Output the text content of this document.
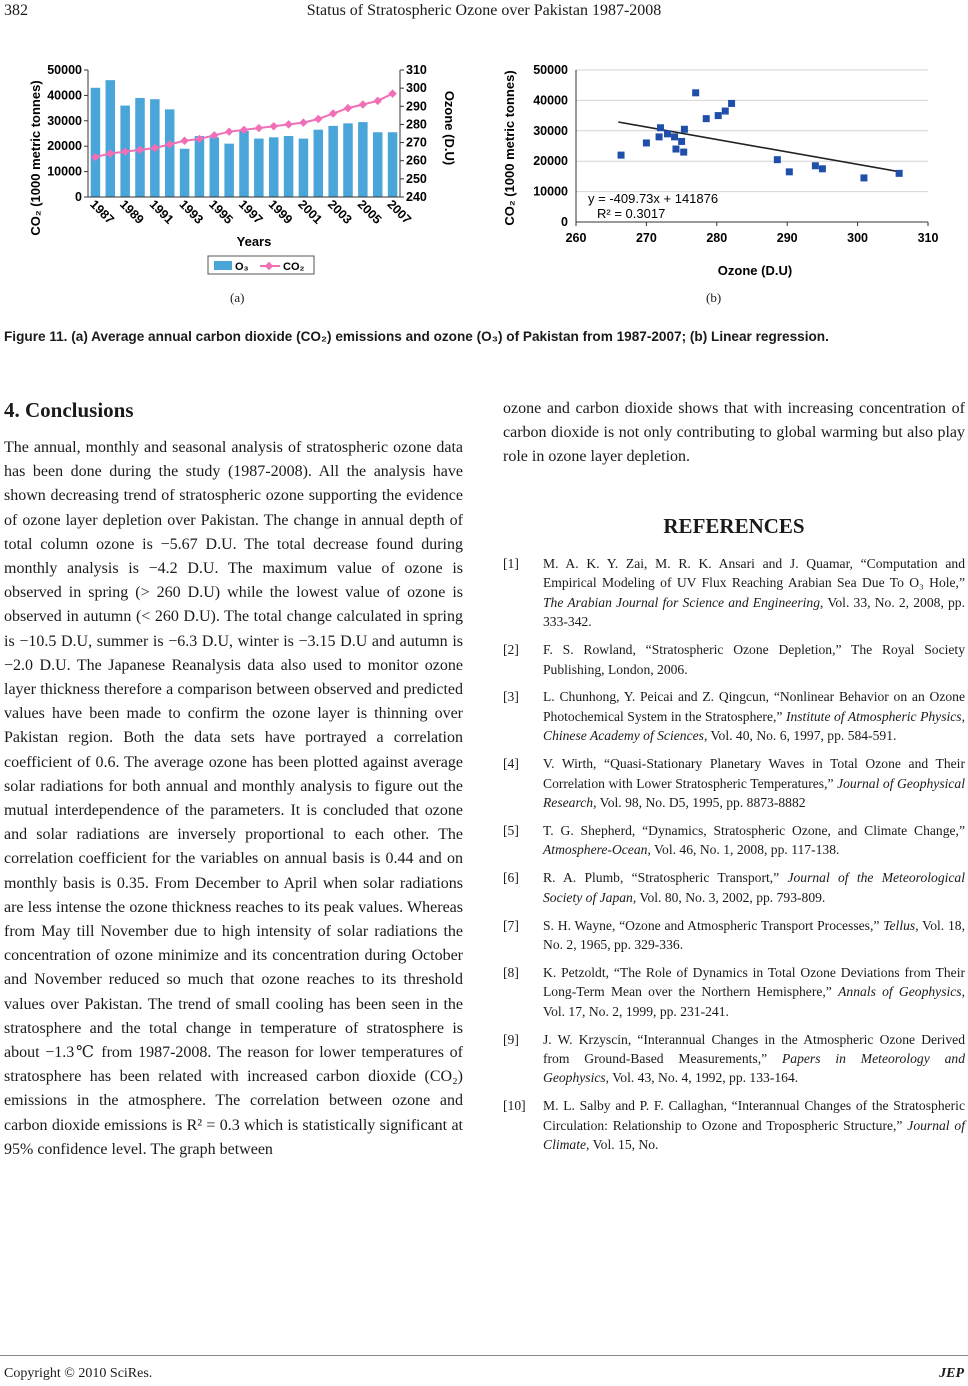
382	Status of Stratospheric Ozone over Pakistan 1987-2008
0
10000
20000
30000
40000
50000
240
250
260
270
280
290
300
310
1987 1989 1991 1993 1995 1997 1999 2001 2003 2005 2007
CO₂ (1000 metric tonnes)	Ozone (D.U)
Years
O₃	CO₂
0
10000
20000
30000
40000
50000
260	270	280	290	300	310
CO₂ (1000 metric tonnes)
Ozone (D.U)
y = -409.73x + 141876
R² = 0.3017
(a)	(b)
Figure 11. (a) Average annual carbon dioxide (CO₂) emissions and ozone (O₃) of Pakistan from 1987-2007; (b) Linear regression.
4. Conclusions
The annual, monthly and seasonal analysis of stratospheric ozone data has been done during the study (1987-2008). All the analysis have shown decreasing trend of stratospheric ozone supporting the evidence of ozone layer depletion over Pakistan. The change in annual depth of total column ozone is −5.67 D.U. The total decrease found during monthly analysis is −4.2 D.U. The maximum value of ozone is observed in spring (> 260 D.U) while the lowest value of ozone is observed in autumn (< 260 D.U). The total change calculated in spring is −10.5 D.U, summer is −6.3 D.U, winter is −3.15 D.U and autumn is −2.0 D.U. The Japanese Reanalysis data also used to monitor ozone layer thickness therefore a comparison between observed and predicted values have been made to confirm the ozone layer is thinning over Pakistan region. Both the data sets have portrayed a correlation coefficient of 0.6. The average ozone has been plotted against average solar radiations for both annual and monthly analysis to figure out the mutual interdependence of the parameters. It is concluded that ozone and solar radiations are inversely proportional to each other. The correlation coefficient for the variables on annual basis is 0.44 and on monthly basis is 0.35. From December to April when solar radiations are less intense the ozone thickness reaches to its peak values. Whereas from May till November due to high intensity of solar radiations the concentration of ozone minimize and its concentration during October and November reduced so much that ozone reaches to its threshold values over Pakistan. The trend of small cooling has been seen in the stratosphere and the total change in temperature of stratosphere is about −1.3℃ from 1987-2008. The reason for lower temperatures of stratosphere has been related with increased carbon dioxide (CO₂) emissions in the atmosphere. The correlation between ozone and carbon dioxide emissions is R² = 0.3 which is statistically significant at 95% confidence level. The graph between
ozone and carbon dioxide shows that with increasing concentration of carbon dioxide is not only contributing to global warming but also play role in ozone layer depletion.
REFERENCES
[1]	M. A. K. Y. Zai, M. R. K. Ansari and J. Quamar, “Computation and Empirical Modeling of UV Flux Reaching Arabian Sea Due To O₃ Hole,” The Arabian Journal for Science and Engineering, Vol. 33, No. 2, 2008, pp. 333-342.
[2]	F. S. Rowland, “Stratospheric Ozone Depletion,” The Royal Society Publishing, London, 2006.
[3]	L. Chunhong, Y. Peicai and Z. Qingcun, “Nonlinear Behavior on an Ozone Photochemical System in the Stratosphere,” Institute of Atmospheric Physics, Chinese Academy of Sciences, Vol. 40, No. 6, 1997, pp. 584-591.
[4]	V. Wirth, “Quasi-Stationary Planetary Waves in Total Ozone and Their Correlation with Lower Stratospheric Temperatures,” Journal of Geophysical Research, Vol. 98, No. D5, 1995, pp. 8873-8882
[5]	T. G. Shepherd, “Dynamics, Stratospheric Ozone, and Climate Change,” Atmosphere-Ocean, Vol. 46, No. 1, 2008, pp. 117-138.
[6]	R. A. Plumb, “Stratospheric Transport,” Journal of the Meteorological Society of Japan, Vol. 80, No. 3, 2002, pp. 793-809.
[7]	S. H. Wayne, “Ozone and Atmospheric Transport Processes,” Tellus, Vol. 18, No. 2, 1965, pp. 329-336.
[8]	K. Petzoldt, “The Role of Dynamics in Total Ozone Deviations from Their Long-Term Mean over the Northern Hemisphere,” Annals of Geophysics, Vol. 17, No. 2, 1999, pp. 231-241.
[9]	J. W. Krzyscin, “Interannual Changes in the Atmospheric Ozone Derived from Ground-Based Measurements,” Papers in Meteorology and Geophysics, Vol. 43, No. 4, 1992, pp. 133-164.
[10]	M. L. Salby and P. F. Callaghan, “Interannual Changes of the Stratospheric Circulation: Relationship to Ozone and Tropospheric Structure,” Journal of Climate, Vol. 15, No.
Copyright © 2010 SciRes.	JEP
